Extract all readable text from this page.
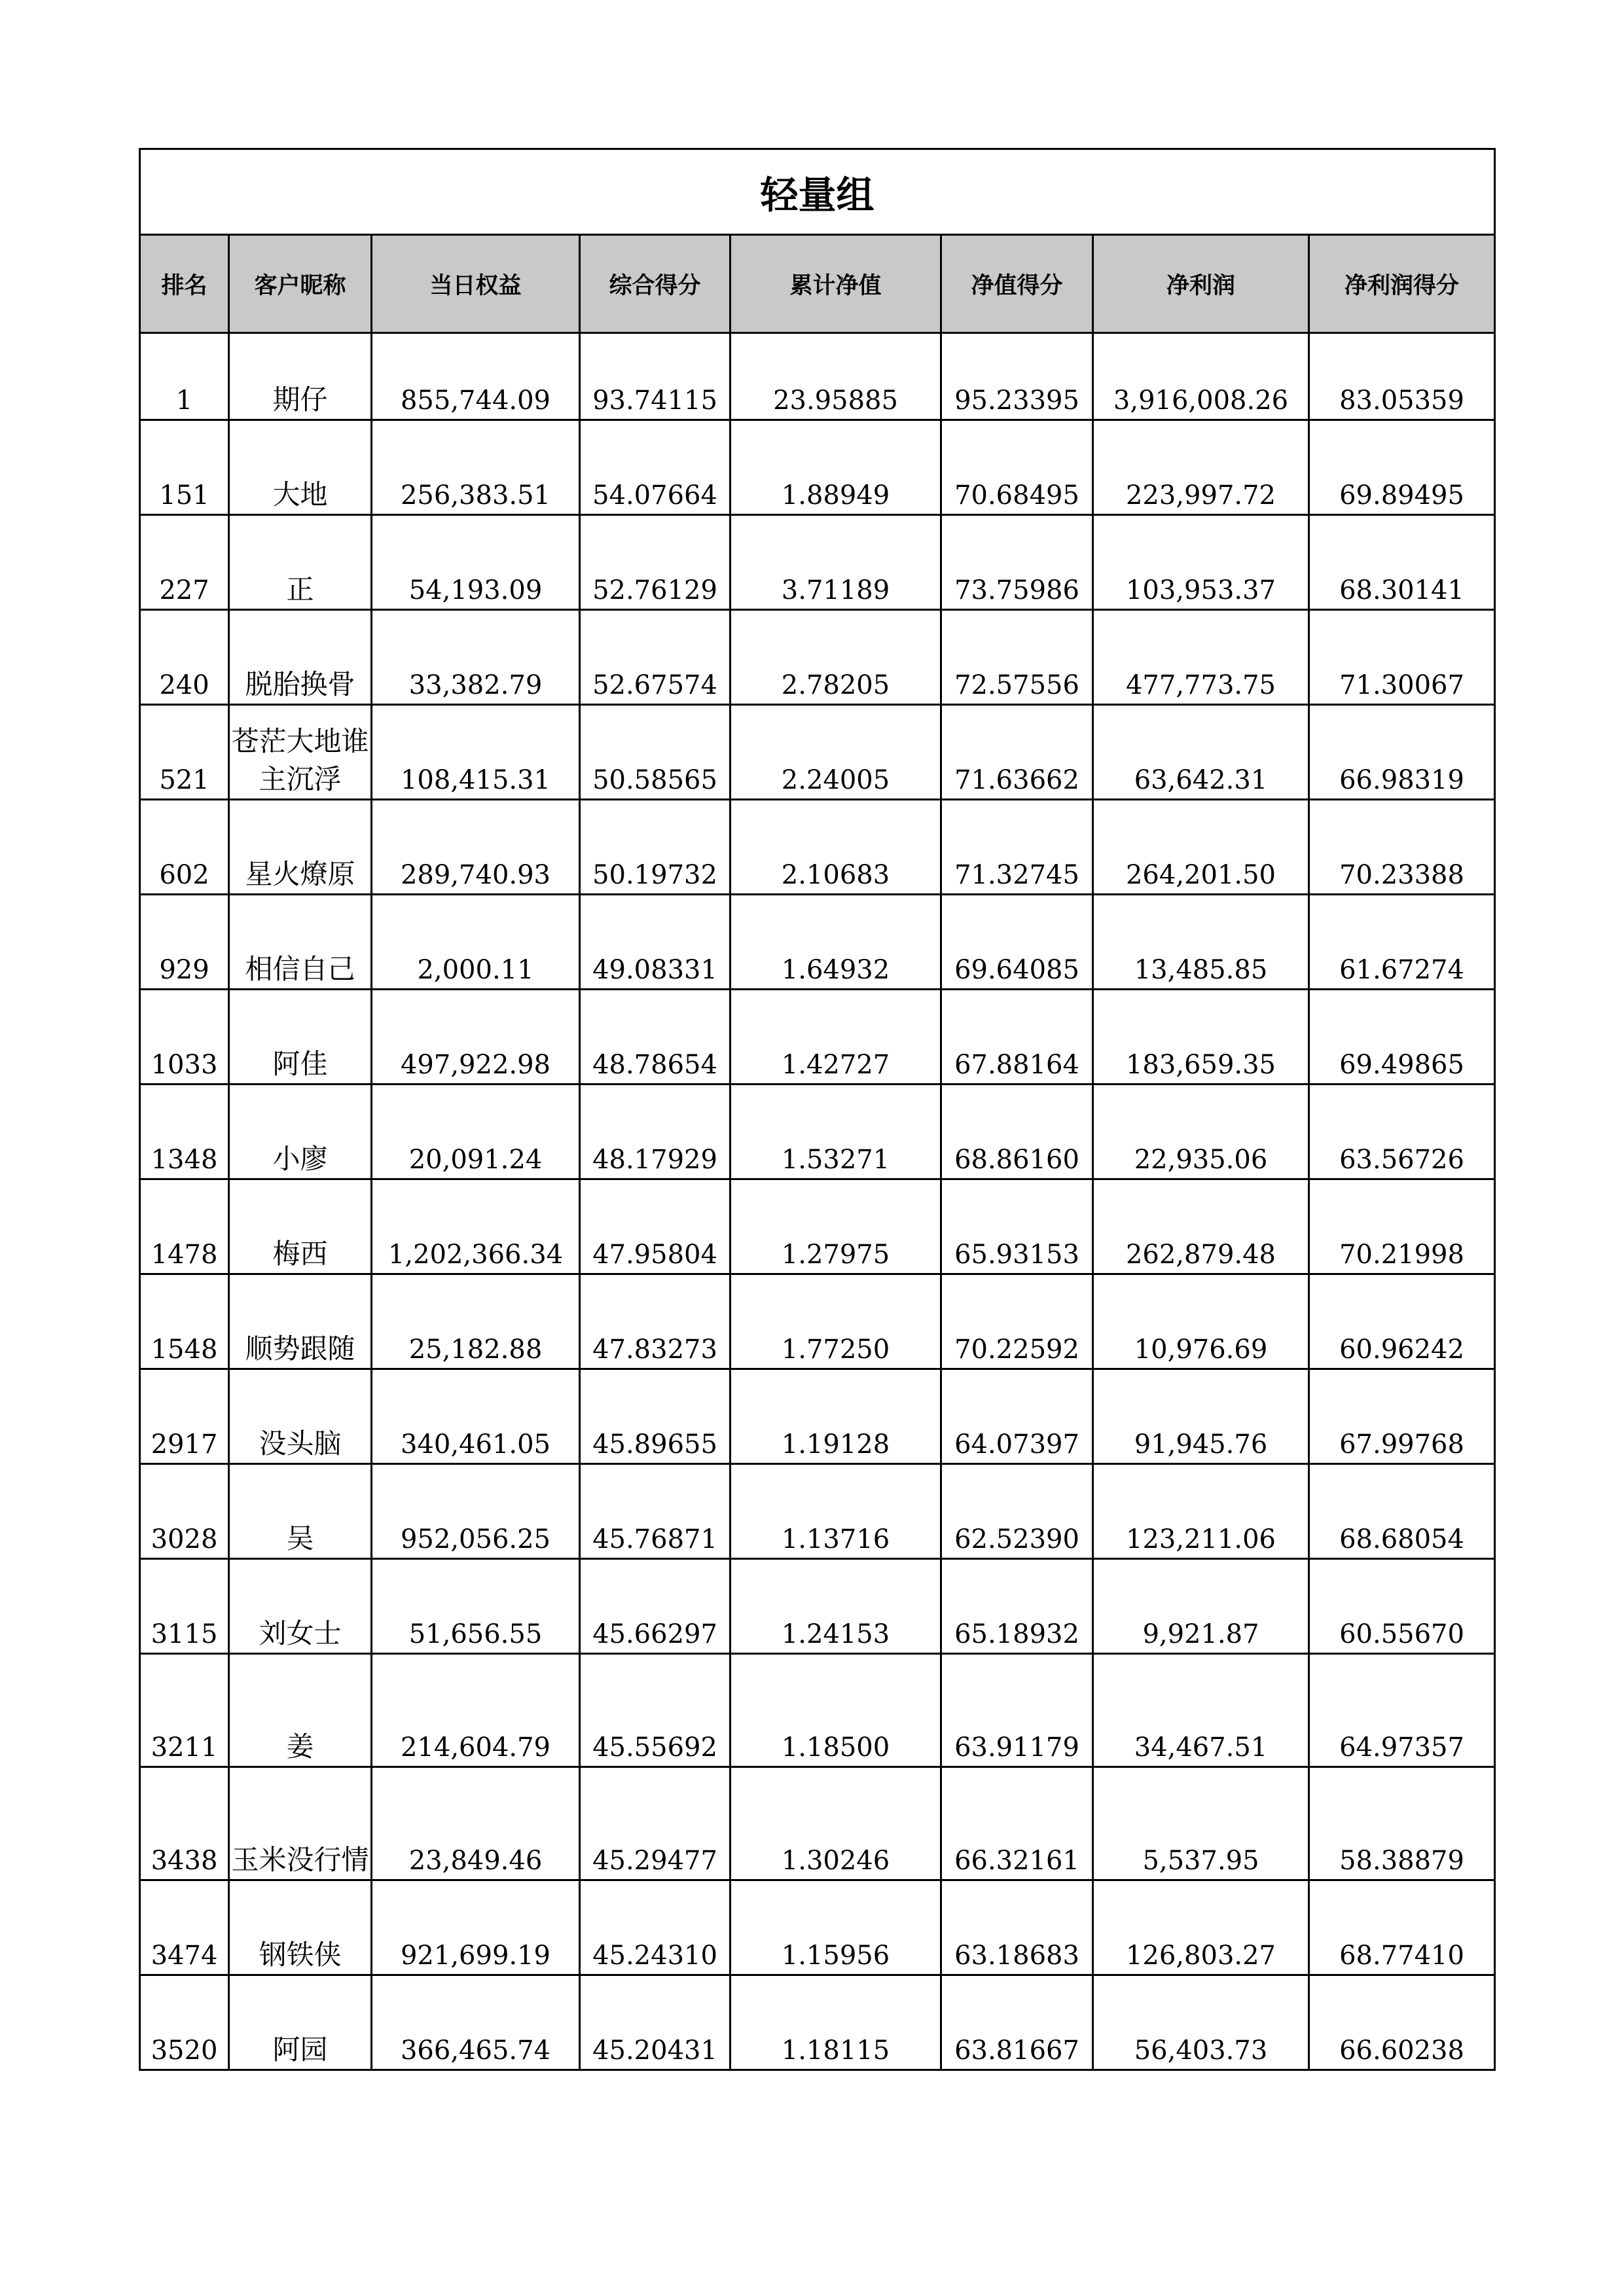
轻量组							
排名	客户昵称	当日权益	综合得分	累计净值	净值得分	净利润	净利润得分
1	期仔	855,744.09	93.74115	23.95885	95.23395	3,916,008.26	83.05359
151	大地	256,383.51	54.07664	1.88949	70.68495	223,997.72	69.89495
227	正	54,193.09	52.76129	3.71189	73.75986	103,953.37	68.30141
240	脱胎换骨	33,382.79	52.67574	2.78205	72.57556	477,773.75	71.30067
521	苍茫大地谁主沉浮	108,415.31	50.58565	2.24005	71.63662	63,642.31	66.98319
602	星火燎原	289,740.93	50.19732	2.10683	71.32745	264,201.50	70.23388
929	相信自己	2,000.11	49.08331	1.64932	69.64085	13,485.85	61.67274
1033	阿佳	497,922.98	48.78654	1.42727	67.88164	183,659.35	69.49865
1348	小廖	20,091.24	48.17929	1.53271	68.86160	22,935.06	63.56726
1478	梅西	1,202,366.34	47.95804	1.27975	65.93153	262,879.48	70.21998
1548	顺势跟随	25,182.88	47.83273	1.77250	70.22592	10,976.69	60.96242
2917	没头脑	340,461.05	45.89655	1.19128	64.07397	91,945.76	67.99768
3028	吴	952,056.25	45.76871	1.13716	62.52390	123,211.06	68.68054
3115	刘女士	51,656.55	45.66297	1.24153	65.18932	9,921.87	60.55670
3211	姜	214,604.79	45.55692	1.18500	63.91179	34,467.51	64.97357
3438	玉米没行情	23,849.46	45.29477	1.30246	66.32161	5,537.95	58.38879
3474	钢铁侠	921,699.19	45.24310	1.15956	63.18683	126,803.27	68.77410
3520	阿园	366,465.74	45.20431	1.18115	63.81667	56,403.73	66.60238
